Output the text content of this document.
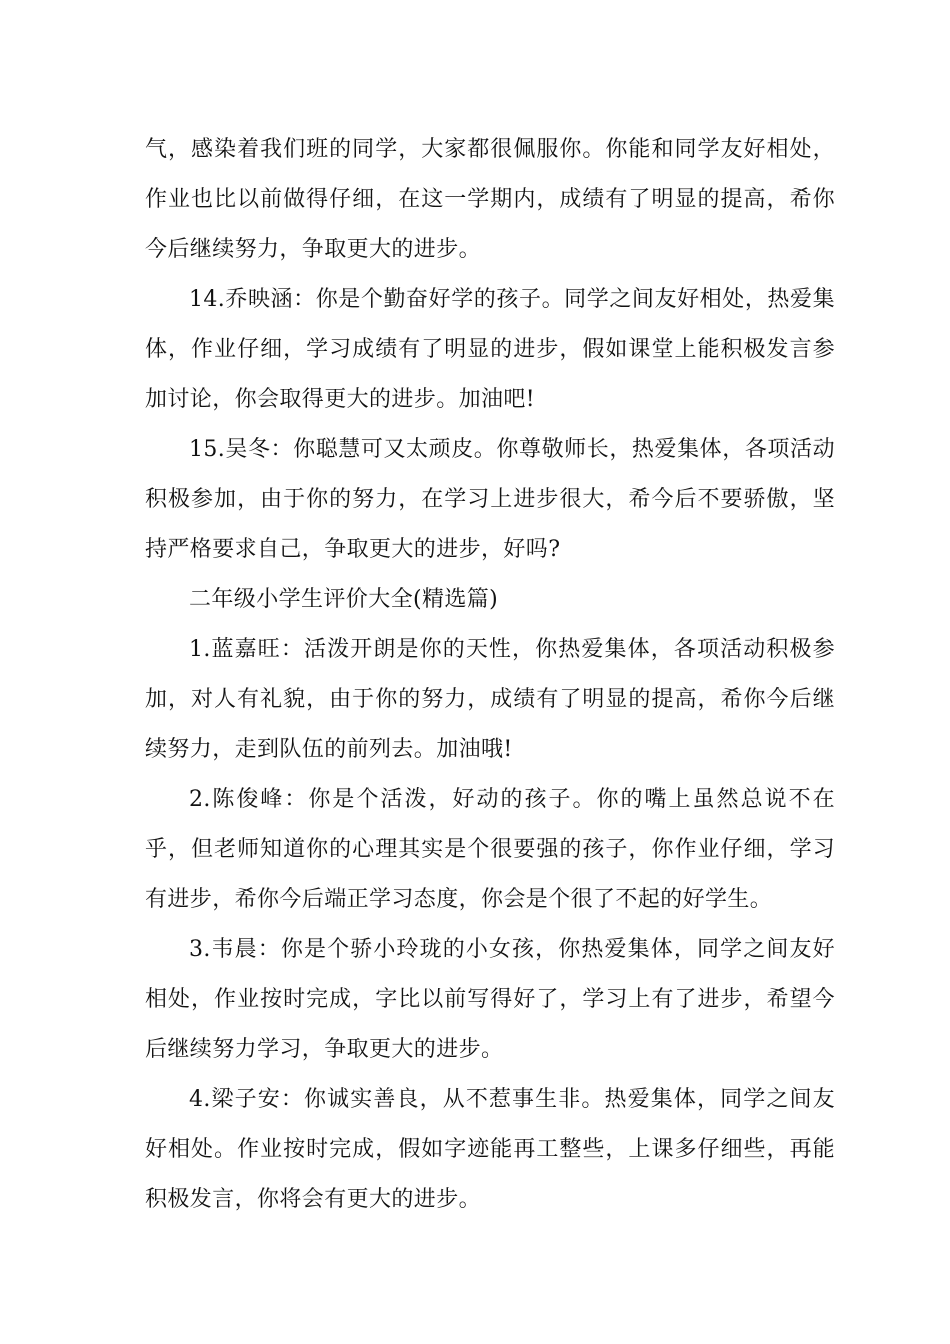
气，感染着我们班的同学，大家都很佩服你。你能和同学友好相处，作业也比以前做得仔细，在这一学期内，成绩有了明显的提高，希你今后继续努力，争取更大的进步。

14.乔映涵：你是个勤奋好学的孩子。同学之间友好相处，热爱集体，作业仔细，学习成绩有了明显的进步，假如课堂上能积极发言参加讨论，你会取得更大的进步。加油吧!

15.吴冬：你聪慧可又太顽皮。你尊敬师长，热爱集体，各项活动积极参加，由于你的努力，在学习上进步很大，希今后不要骄傲，坚持严格要求自己，争取更大的进步，好吗?

二年级小学生评价大全(精选篇)

1.蓝嘉旺：活泼开朗是你的天性，你热爱集体，各项活动积极参加，对人有礼貌，由于你的努力，成绩有了明显的提高，希你今后继续努力，走到队伍的前列去。加油哦!

2.陈俊峰：你是个活泼，好动的孩子。你的嘴上虽然总说不在乎，但老师知道你的心理其实是个很要强的孩子，你作业仔细，学习有进步，希你今后端正学习态度，你会是个很了不起的好学生。

3.韦晨：你是个骄小玲珑的小女孩，你热爱集体，同学之间友好相处，作业按时完成，字比以前写得好了，学习上有了进步，希望今后继续努力学习，争取更大的进步。

4.梁子安：你诚实善良，从不惹事生非。热爱集体，同学之间友好相处。作业按时完成，假如字迹能再工整些，上课多仔细些，再能积极发言，你将会有更大的进步。
